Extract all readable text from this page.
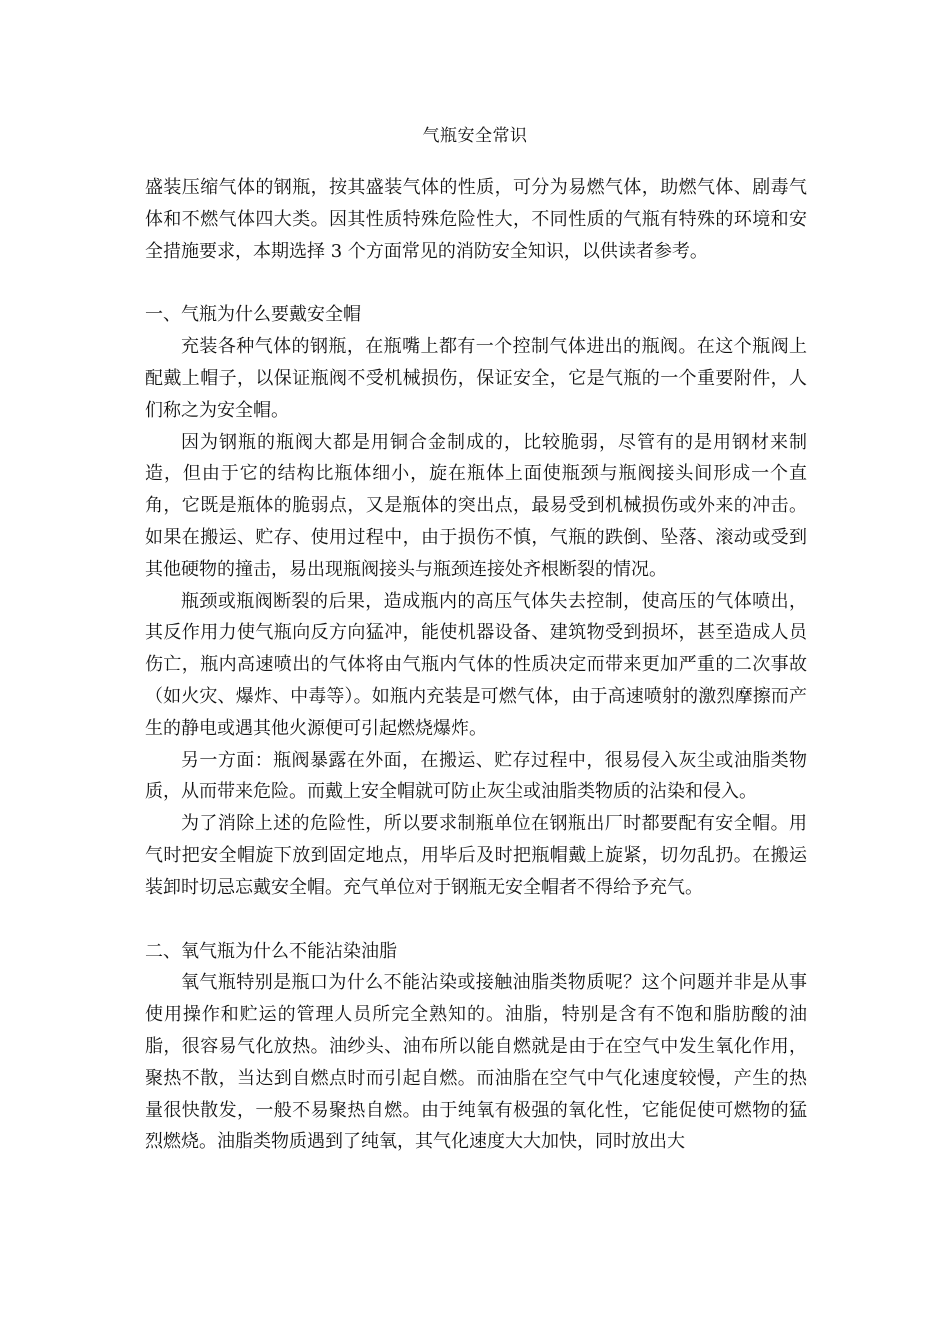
气瓶安全常识

盛装压缩气体的钢瓶，按其盛装气体的性质，可分为易燃气体，助燃气体、剧毒气体和不燃气体四大类。因其性质特殊危险性大，不同性质的气瓶有特殊的环境和安全措施要求，本期选择 3 个方面常见的消防安全知识，以供读者参考。

一、气瓶为什么要戴安全帽

充装各种气体的钢瓶，在瓶嘴上都有一个控制气体进出的瓶阀。在这个瓶阀上配戴上帽子，以保证瓶阀不受机械损伤，保证安全，它是气瓶的一个重要附件，人们称之为安全帽。

因为钢瓶的瓶阀大都是用铜合金制成的，比较脆弱，尽管有的是用钢材来制造，但由于它的结构比瓶体细小，旋在瓶体上面使瓶颈与瓶阀接头间形成一个直角，它既是瓶体的脆弱点，又是瓶体的突出点，最易受到机械损伤或外来的冲击。如果在搬运、贮存、使用过程中，由于损伤不慎，气瓶的跌倒、坠落、滚动或受到其他硬物的撞击，易出现瓶阀接头与瓶颈连接处齐根断裂的情况。

瓶颈或瓶阀断裂的后果，造成瓶内的高压气体失去控制，使高压的气体喷出，其反作用力使气瓶向反方向猛冲，能使机器设备、建筑物受到损坏，甚至造成人员伤亡，瓶内高速喷出的气体将由气瓶内气体的性质决定而带来更加严重的二次事故（如火灾、爆炸、中毒等）。如瓶内充装是可燃气体，由于高速喷射的激烈摩擦而产生的静电或遇其他火源便可引起燃烧爆炸。

另一方面：瓶阀暴露在外面，在搬运、贮存过程中，很易侵入灰尘或油脂类物质，从而带来危险。而戴上安全帽就可防止灰尘或油脂类物质的沾染和侵入。

为了消除上述的危险性，所以要求制瓶单位在钢瓶出厂时都要配有安全帽。用气时把安全帽旋下放到固定地点，用毕后及时把瓶帽戴上旋紧，切勿乱扔。在搬运装卸时切忌忘戴安全帽。充气单位对于钢瓶无安全帽者不得给予充气。

二、氧气瓶为什么不能沾染油脂

氧气瓶特别是瓶口为什么不能沾染或接触油脂类物质呢？这个问题并非是从事使用操作和贮运的管理人员所完全熟知的。油脂，特别是含有不饱和脂肪酸的油脂，很容易气化放热。油纱头、油布所以能自燃就是由于在空气中发生氧化作用，聚热不散，当达到自燃点时而引起自燃。而油脂在空气中气化速度较慢，产生的热量很快散发，一般不易聚热自燃。由于纯氧有极强的氧化性，它能促使可燃物的猛烈燃烧。油脂类物质遇到了纯氧，其气化速度大大加快，同时放出大
